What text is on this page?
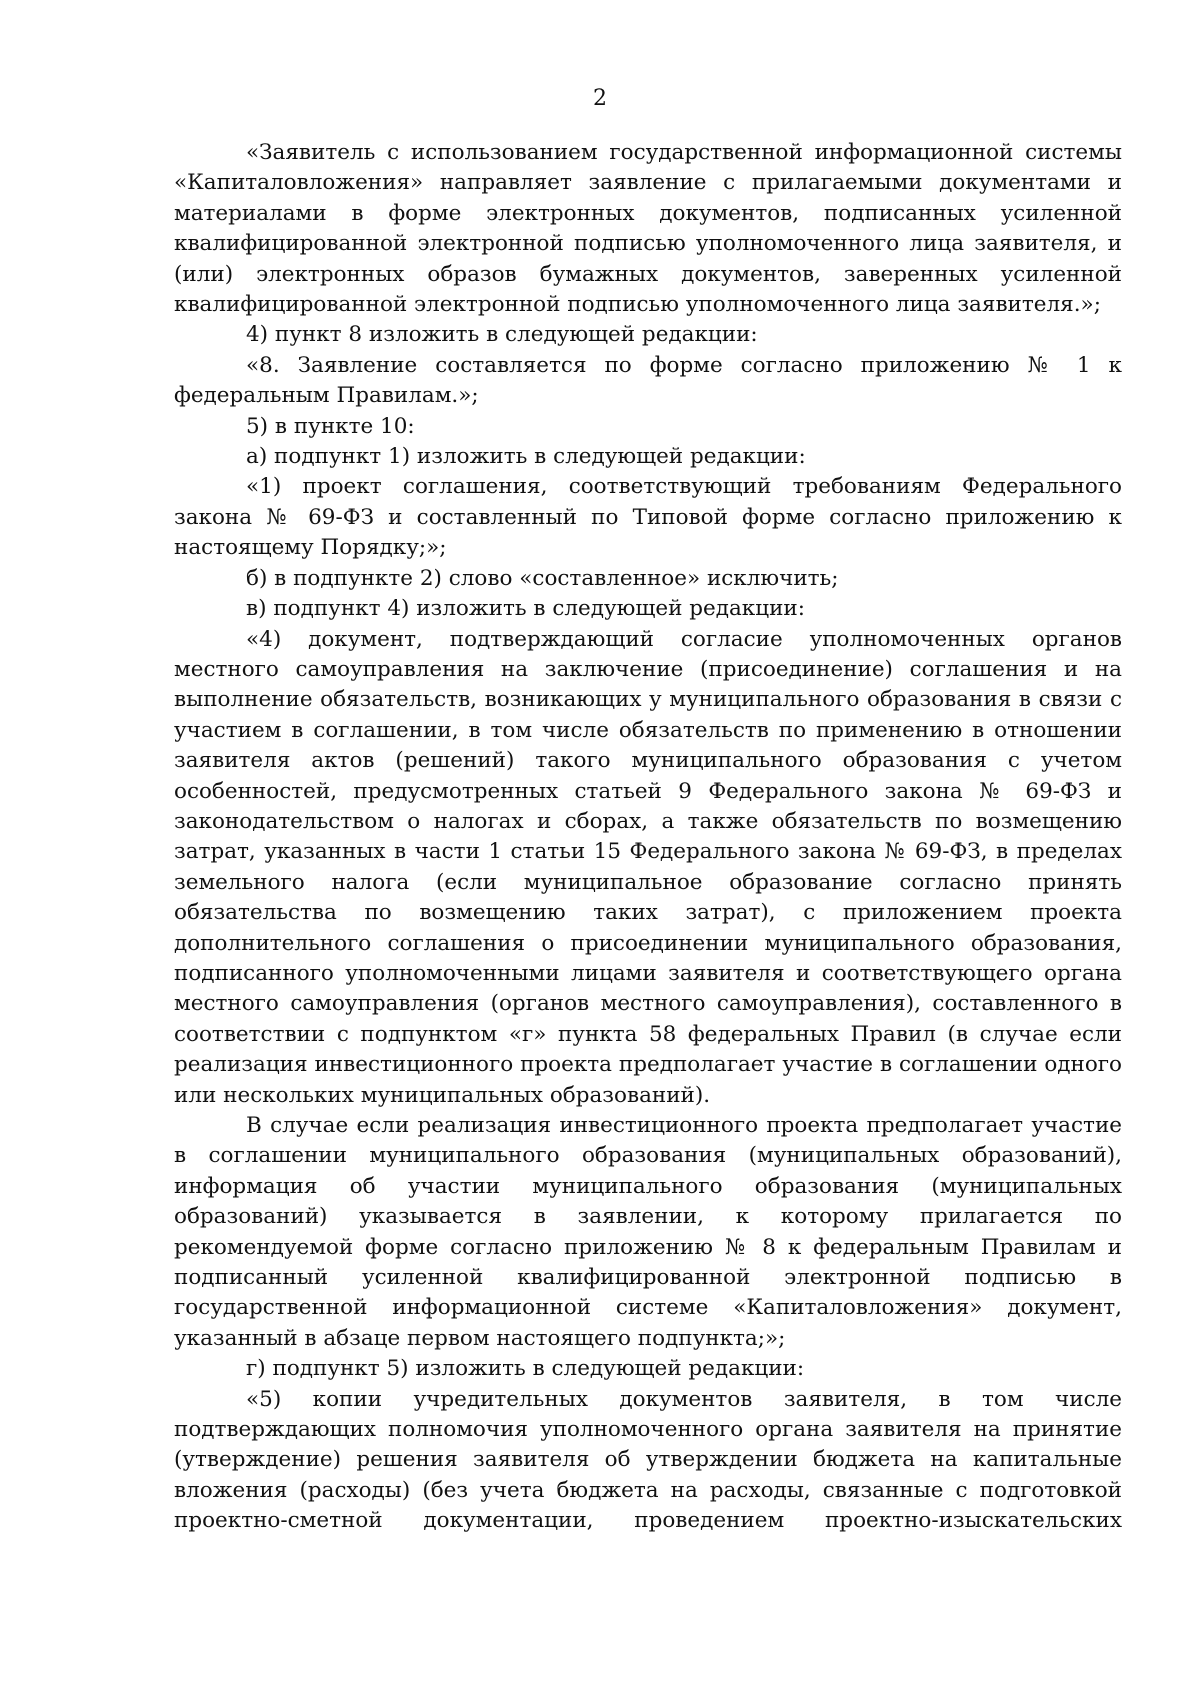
2

«Заявитель с использованием государственной информационной системы «Капиталовложения» направляет заявление с прилагаемыми документами и материалами в форме электронных документов, подписанных усиленной квалифицированной электронной подписью уполномоченного лица заявителя, и (или) электронных образов бумажных документов, заверенных усиленной квалифицированной электронной подписью уполномоченного лица заявителя.»;

4) пункт 8 изложить в следующей редакции:

«8. Заявление составляется по форме согласно приложению № 1 к федеральным Правилам.»;

5) в пункте 10:

а) подпункт 1) изложить в следующей редакции:

«1) проект соглашения, соответствующий требованиям Федерального закона № 69-ФЗ и составленный по Типовой форме согласно приложению к настоящему Порядку;»;

б) в подпункте 2) слово «составленное» исключить;

в) подпункт 4) изложить в следующей редакции:

«4) документ, подтверждающий согласие уполномоченных органов местного самоуправления на заключение (присоединение) соглашения и на выполнение обязательств, возникающих у муниципального образования в связи с участием в соглашении, в том числе обязательств по применению в отношении заявителя актов (решений) такого муниципального образования с учетом особенностей, предусмотренных статьей 9 Федерального закона № 69-ФЗ и законодательством о налогах и сборах, а также обязательств по возмещению затрат, указанных в части 1 статьи 15 Федерального закона № 69-ФЗ, в пределах земельного налога (если муниципальное образование согласно принять обязательства по возмещению таких затрат), с приложением проекта дополнительного соглашения о присоединении муниципального образования, подписанного уполномоченными лицами заявителя и соответствующего органа местного самоуправления (органов местного самоуправления), составленного в соответствии с подпунктом «г» пункта 58 федеральных Правил (в случае если реализация инвестиционного проекта предполагает участие в соглашении одного или нескольких муниципальных образований).

В случае если реализация инвестиционного проекта предполагает участие в соглашении муниципального образования (муниципальных образований), информация об участии муниципального образования (муниципальных образований) указывается в заявлении, к которому прилагается по рекомендуемой форме согласно приложению № 8 к федеральным Правилам и подписанный усиленной квалифицированной электронной подписью в государственной информационной системе «Капиталовложения» документ, указанный в абзаце первом настоящего подпункта;»;

г) подпункт 5) изложить в следующей редакции:

«5) копии учредительных документов заявителя, в том числе подтверждающих полномочия уполномоченного органа заявителя на принятие (утверждение) решения заявителя об утверждении бюджета на капитальные вложения (расходы) (без учета бюджета на расходы, связанные с подготовкой проектно-сметной документации, проведением проектно-изыскательских
